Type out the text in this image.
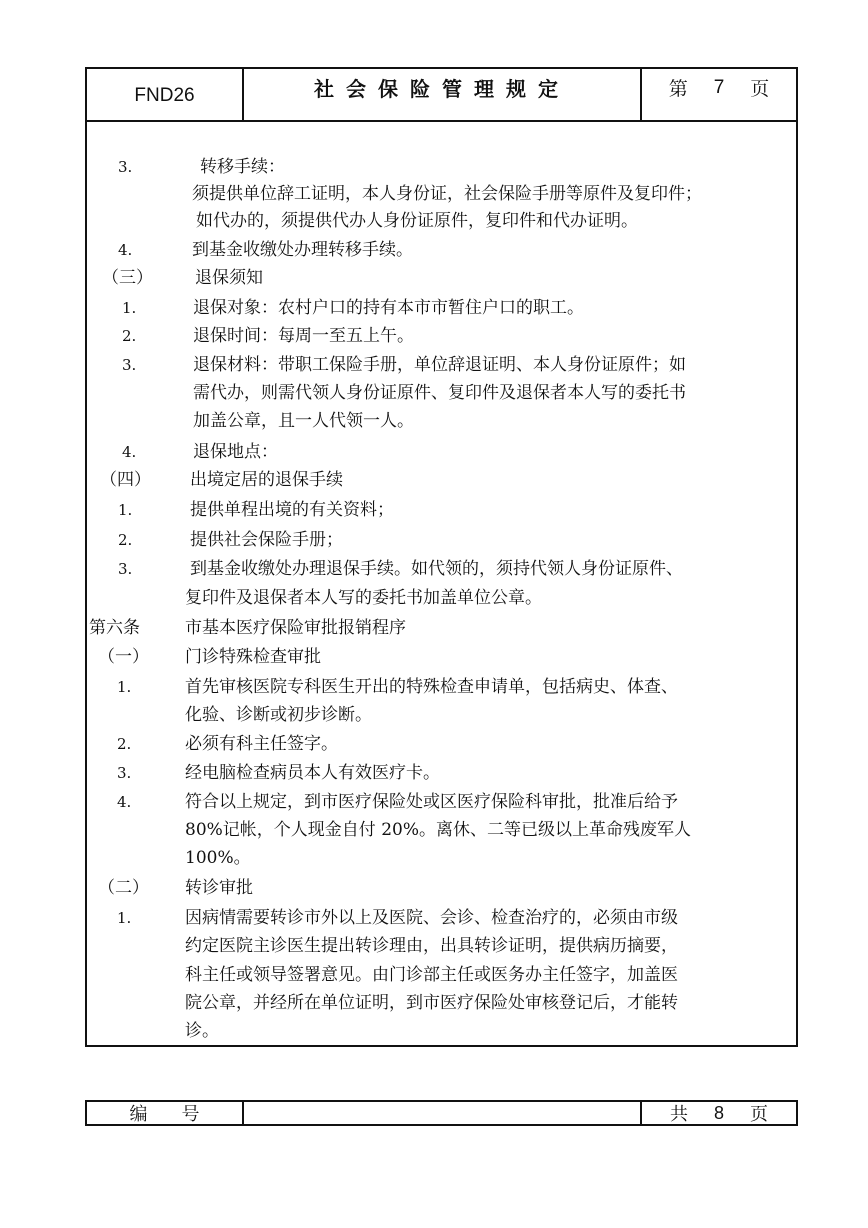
FND26	社会保险管理规定	第 7 页
3.	转移手续：
须提供单位辞工证明，本人身份证，社会保险手册等原件及复印件；
如代办的，须提供代办人身份证原件，复印件和代办证明。
4.	到基金收缴处办理转移手续。
（三） 退保须知
1.	退保对象：农村户口的持有本市市暂住户口的职工。
2.	退保时间：每周一至五上午。
3.	退保材料：带职工保险手册，单位辞退证明、本人身份证原件；如
需代办，则需代领人身份证原件、复印件及退保者本人写的委托书
加盖公章，且一人代领一人。
4.	退保地点：
（四） 出境定居的退保手续
1.	提供单程出境的有关资料；
2.	提供社会保险手册；
3.	到基金收缴处办理退保手续。如代领的，须持代领人身份证原件、
复印件及退保者本人写的委托书加盖单位公章。
第六条	市基本医疗保险审批报销程序
（一） 门诊特殊检查审批
1.	首先审核医院专科医生开出的特殊检查申请单，包括病史、体查、
化验、诊断或初步诊断。
2.	必须有科主任签字。
3.	经电脑检查病员本人有效医疗卡。
4.	符合以上规定，到市医疗保险处或区医疗保险科审批，批准后给予
80%记帐，个人现金自付 20%。离休、二等已级以上革命残废军人
100%。
（二） 转诊审批
1.	因病情需要转诊市外以上及医院、会诊、检查治疗的，必须由市级
约定医院主诊医生提出转诊理由，出具转诊证明，提供病历摘要，
科主任或领导签署意见。由门诊部主任或医务办主任签字，加盖医
院公章，并经所在单位证明，到市医疗保险处审核登记后，才能转
诊。
编号	共 8 页
